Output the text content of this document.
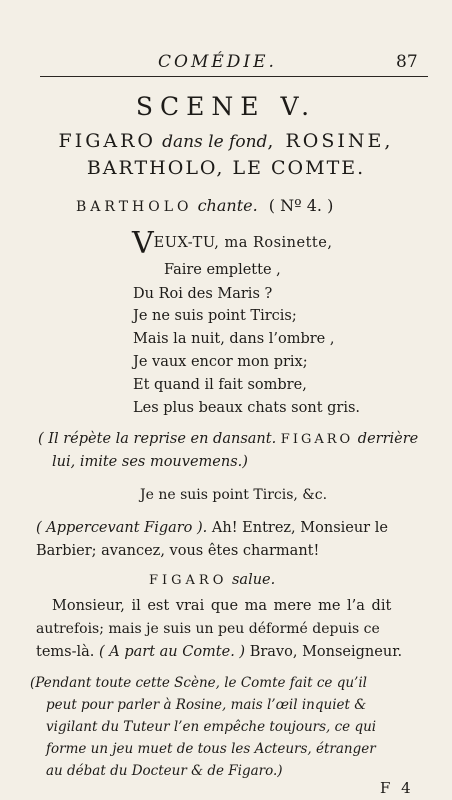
COMÉDIE.	87
SCENE V.
FIGARO dans le fond, ROSINE,
BARTHOLO, LE COMTE.
BARTHOLO chante. ( Nº 4. )
VEUX-TU, ma Rosinette,
Faire emplette ,
Du Roi des Maris ?
Je ne suis point Tircis;
Mais la nuit, dans l’ombre ,
Je vaux encor mon prix;
Et quand il fait sombre,
Les plus beaux chats sont gris.
( Il répète la reprise en dansant. FIGARO derrière
lui, imite ses mouvemens.)
Je ne suis point Tircis, &c.
( Appercevant Figaro ). Ah! Entrez, Monsieur le
Barbier; avancez, vous êtes charmant!
FIGARO salue.
Monsieur, il est vrai que ma mere me l’a dit
autrefois; mais je suis un peu déformé depuis ce
tems-là. ( A part au Comte. ) Bravo, Monseigneur.
(Pendant toute cette Scène, le Comte fait ce qu’il
peut pour parler à Rosine, mais l’œil inquiet &
vigilant du Tuteur l’en empêche toujours, ce qui
forme un jeu muet de tous les Acteurs, étranger
au débat du Docteur & de Figaro.)
F 4
